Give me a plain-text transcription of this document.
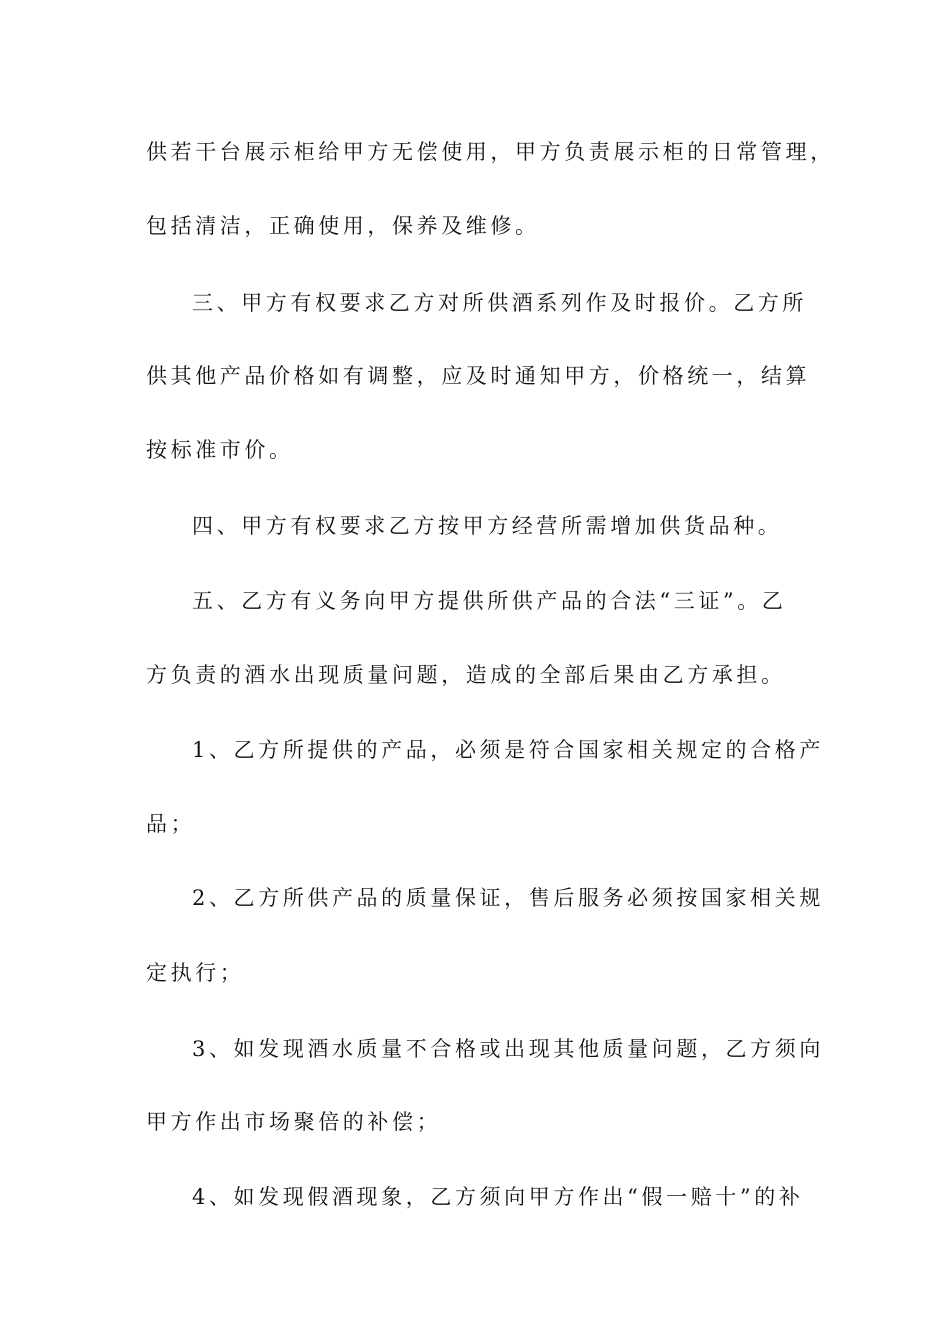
供若干台展示柜给甲方无偿使用，甲方负责展示柜的日常管理，
包括清洁，正确使用，保养及维修。
三、甲方有权要求乙方对所供酒系列作及时报价。乙方所
供其他产品价格如有调整，应及时通知甲方，价格统一，结算
按标准市价。
四、甲方有权要求乙方按甲方经营所需增加供货品种。
五、乙方有义务向甲方提供所供产品的合法“三证”。乙
方负责的酒水出现质量问题，造成的全部后果由乙方承担。
1、乙方所提供的产品，必须是符合国家相关规定的合格产
品；
2、乙方所供产品的质量保证，售后服务必须按国家相关规
定执行；
3、如发现酒水质量不合格或出现其他质量问题，乙方须向
甲方作出市场聚倍的补偿；
4、如发现假酒现象，乙方须向甲方作出“假一赔十”的补
